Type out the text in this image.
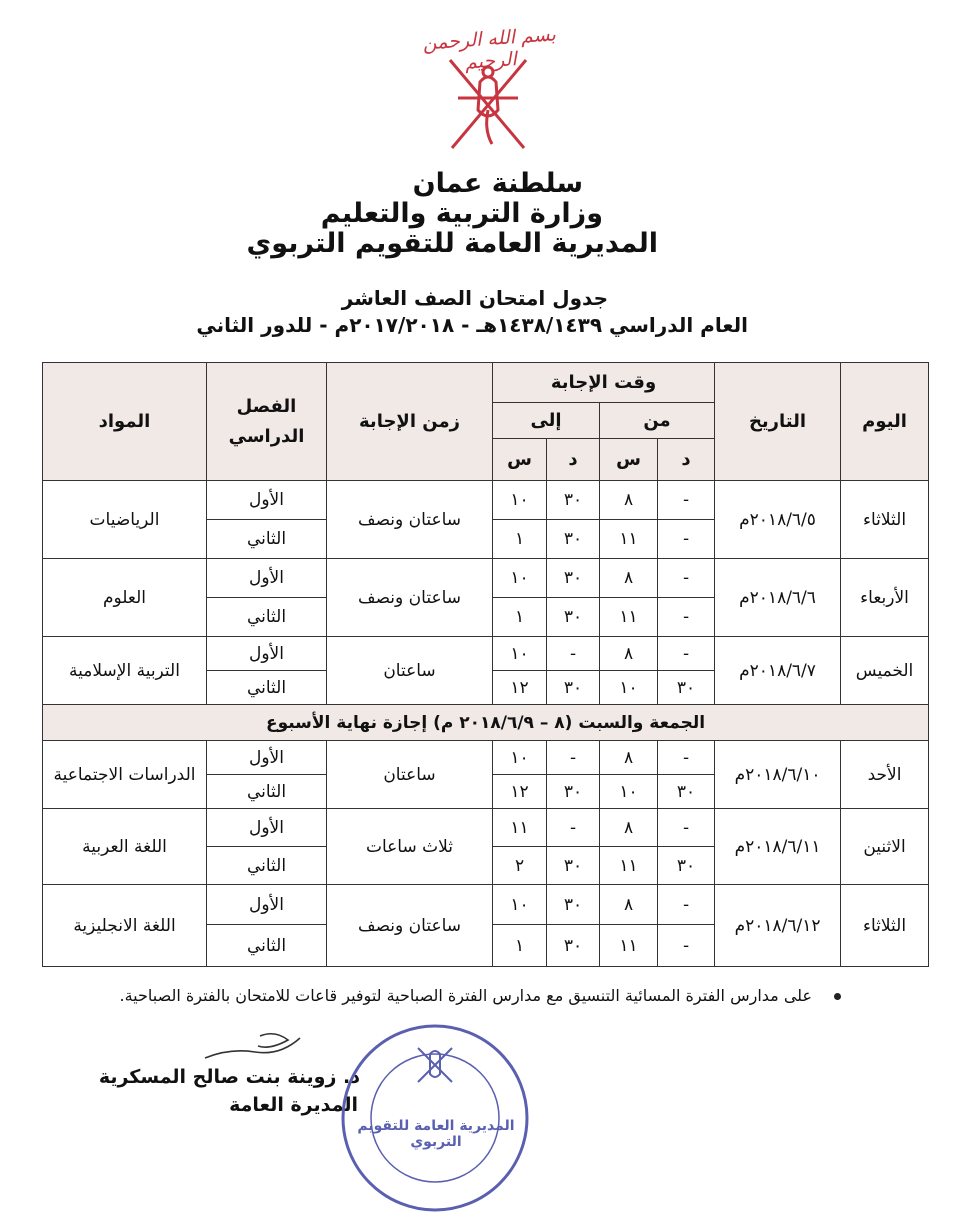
بسم الله الرحمن الرحيم
سلطنة عمان
وزارة التربية والتعليم
المديرية العامة للتقويم التربوي
جدول امتحان الصف العاشر
العام الدراسي ١٤٣٨/١٤٣٩هـ - ٢٠١٧/٢٠١٨م - للدور الثاني
اليوم	التاريخ	وقت الإجابة				زمن الإجابة	الفصل الدراسي	المواد
		من		إلى				
		د	س	د	س			
الثلاثاء	٢٠١٨/٦/٥م	-	٨	٣٠	١٠	ساعتان ونصف	الأول	الرياضيات
		-	١١	٣٠	١		الثاني	
الأربعاء	٢٠١٨/٦/٦م	-	٨	٣٠	١٠	ساعتان ونصف	الأول	العلوم
		-	١١	٣٠	١		الثاني	
الخميس	٢٠١٨/٦/٧م	-	٨	-	١٠	ساعتان	الأول	التربية الإسلامية
		٣٠	١٠	٣٠	١٢		الثاني	
الجمعة والسبت (٨ – ٢٠١٨/٦/٩ م) إجازة نهاية الأسبوع								
الأحد	٢٠١٨/٦/١٠م	-	٨	-	١٠	ساعتان	الأول	الدراسات الاجتماعية
		٣٠	١٠	٣٠	١٢		الثاني	
الاثنين	٢٠١٨/٦/١١م	-	٨	-	١١	ثلاث ساعات	الأول	اللغة العربية
		٣٠	١١	٣٠	٢		الثاني	
الثلاثاء	٢٠١٨/٦/١٢م	-	٨	٣٠	١٠	ساعتان ونصف	الأول	اللغة الانجليزية
		-	١١	٣٠	١		الثاني	
على مدارس الفترة المسائية التنسيق مع مدارس الفترة الصباحية لتوفير قاعات للامتحان بالفترة الصباحية.
د. زوينة بنت صالح المسكرية
المديرة العامة
المديرية العامة للتقويم التربوي
